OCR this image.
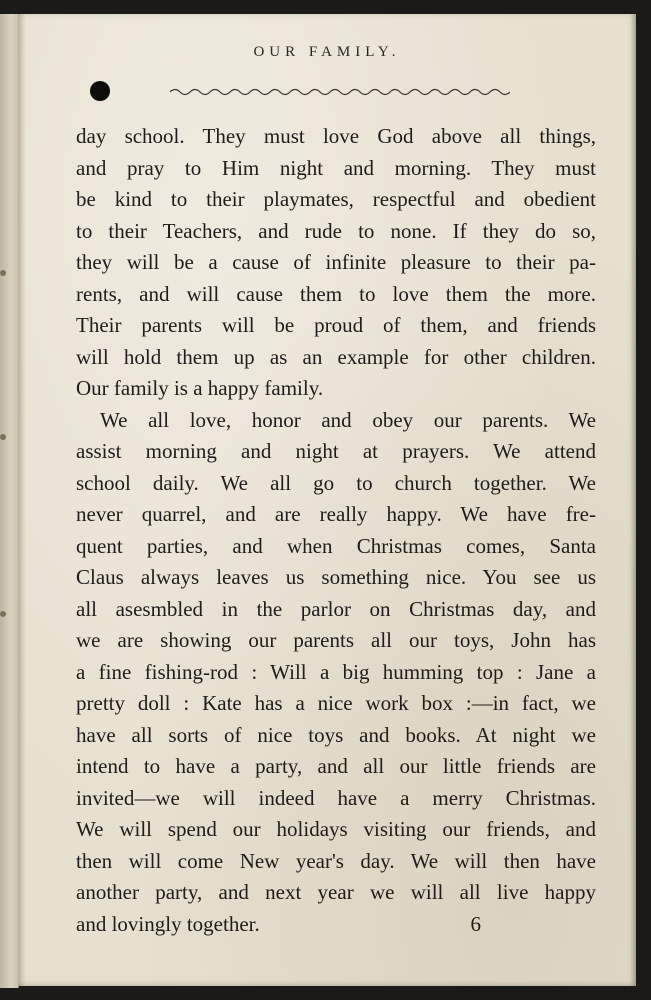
OUR FAMILY.
day school. They must love God above all things,
and pray to Him night and morning. They must
be kind to their playmates, respectful and obedient
to their Teachers, and rude to none. If they do so,
they will be a cause of infinite pleasure to their pa-
rents, and will cause them to love them the more.
Their parents will be proud of them, and friends
will hold them up as an example for other children.
Our family is a happy family.
We all love, honor and obey our parents. We
assist morning and night at prayers. We attend
school daily. We all go to church together. We
never quarrel, and are really happy. We have fre-
quent parties, and when Christmas comes, Santa
Claus always leaves us something nice. You see us
all asesmbled in the parlor on Christmas day, and
we are showing our parents all our toys, John has
a fine fishing-rod : Will a big humming top : Jane a
pretty doll : Kate has a nice work box :—in fact, we
have all sorts of nice toys and books. At night we
intend to have a party, and all our little friends are
invited—we will indeed have a merry Christmas.
We will spend our holidays visiting our friends, and
then will come New year's day. We will then have
another party, and next year we will all live happy
and lovingly together.	6
